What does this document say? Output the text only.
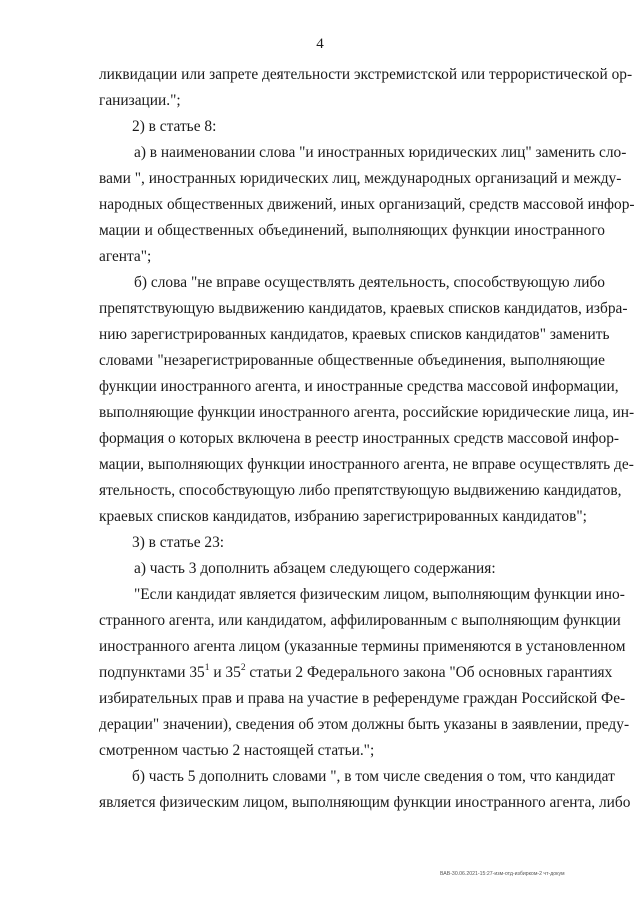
4
ликвидации или запрете деятельности экстремистской или террористической ор-
ганизации.";
2) в статье 8:
а) в наименовании слова "и иностранных юридических лиц" заменить сло-
вами ", иностранных юридических лиц, международных организаций и между-
народных общественных движений, иных организаций, средств массовой инфор-
мации и общественных объединений, выполняющих функции иностранного
агента";
б) слова "не вправе осуществлять деятельность, способствующую либо
препятствующую выдвижению кандидатов, краевых списков кандидатов, избра-
нию зарегистрированных кандидатов, краевых списков кандидатов" заменить
словами "незарегистрированные общественные объединения, выполняющие
функции иностранного агента, и иностранные средства массовой информации,
выполняющие функции иностранного агента, российские юридические лица, ин-
формация о которых включена в реестр иностранных средств массовой инфор-
мации, выполняющих функции иностранного агента, не вправе осуществлять де-
ятельность, способствующую либо препятствующую выдвижению кандидатов,
краевых списков кандидатов, избранию зарегистрированных кандидатов";
3) в статье 23:
а) часть 3 дополнить абзацем следующего содержания:
"Если кандидат является физическим лицом, выполняющим функции ино-
странного агента, или кандидатом, аффилированным с выполняющим функции
иностранного агента лицом (указанные термины применяются в установленном
подпунктами $35^1$ и $35^2$ статьи 2 Федерального закона "Об основных гарантиях
избирательных прав и права на участие в референдуме граждан Российской Фе-
дерации" значении), сведения об этом должны быть указаны в заявлении, преду-
смотренном частью 2 настоящей статьи.";
б) часть 5 дополнить словами ", в том числе сведения о том, что кандидат
является физическим лицом, выполняющим функции иностранного агента, либо
ВАВ-30.06.2021-15:27-изм-отд-избирком-2 чт-докум
